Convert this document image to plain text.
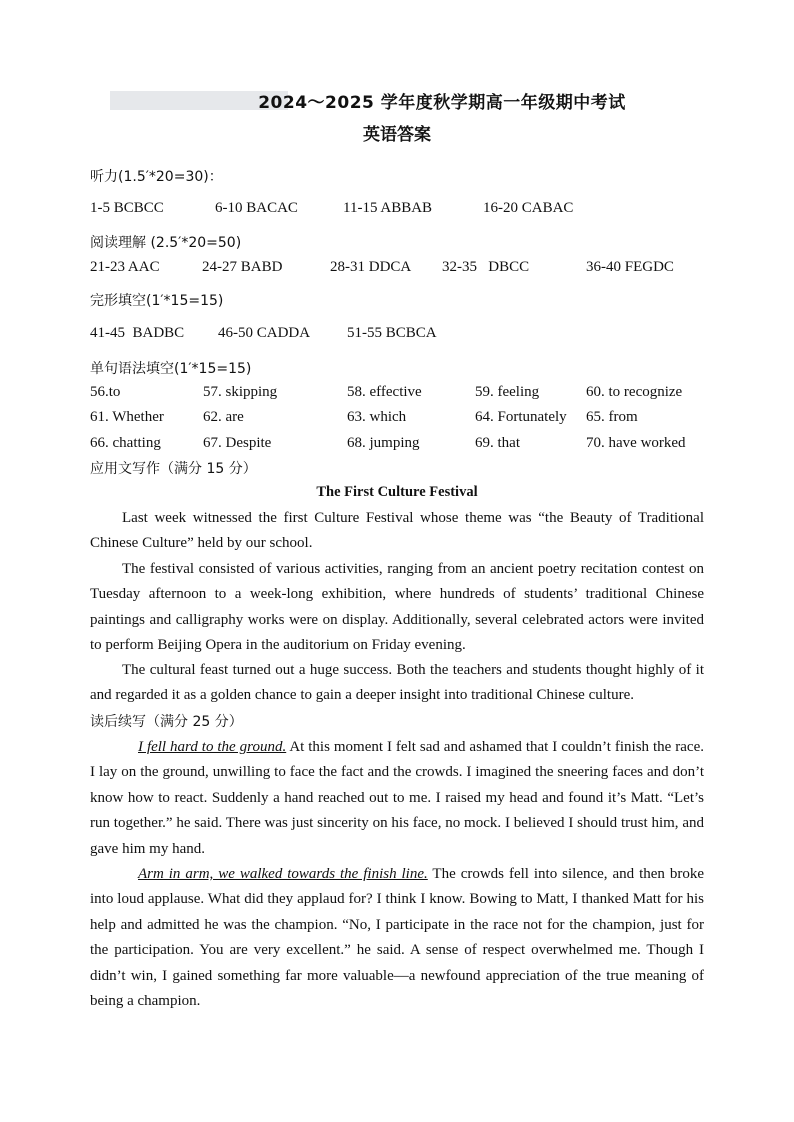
2024～2025 学年度秋学期高一年级期中考试
英语答案
听力(1.5′*20=30)：
1-5 BCBCC	6-10 BACAC	11-15 ABBAB	16-20 CABAC
阅读理解 (2.5′*20=50)
21-23 AAC	24-27 BABD	28-31 DDCA 32-35   DBCC	36-40 FEGDC
完形填空(1′*15=15)
41-45  BADBC 46-50 CADDA 51-55 BCBCA
单句语法填空(1′*15=15)
56.to	57. skipping	58. effective	59. feeling	60. to recognize
61. Whether	62. are	63. which	64. Fortunately 65. from
66. chatting	67. Despite	68. jumping	69. that	70. have worked
应用文写作（满分 15 分）
The First Culture Festival

Last week witnessed the first Culture Festival whose theme was “the Beauty of Traditional Chinese Culture” held by our school.

The festival consisted of various activities, ranging from an ancient poetry recitation contest on Tuesday afternoon to a week-long exhibition, where hundreds of students’ traditional Chinese paintings and calligraphy works were on display. Additionally, several celebrated actors were invited to perform Beijing Opera in the auditorium on Friday evening.

The cultural feast turned out a huge success. Both the teachers and students thought highly of it and regarded it as a golden chance to gain a deeper insight into traditional Chinese culture.

读后续写（满分 25 分）

I fell hard to the ground. At this moment I felt sad and ashamed that I couldn’t finish the race. I lay on the ground, unwilling to face the fact and the crowds. I imagined the sneering faces and don’t know how to react. Suddenly a hand reached out to me. I raised my head and found it’s Matt. “Let’s run together.” he said. There was just sincerity on his face, no mock. I believed I should trust him, and gave him my hand.

Arm in arm, we walked towards the finish line. The crowds fell into silence, and then broke into loud applause. What did they applaud for? I think I know. Bowing to Matt, I thanked Matt for his help and admitted he was the champion. “No, I participate in the race not for the champion, just for the participation. You are very excellent.” he said. A sense of respect overwhelmed me. Though I didn’t win, I gained something far more valuable—a newfound appreciation of the true meaning of being a champion.
